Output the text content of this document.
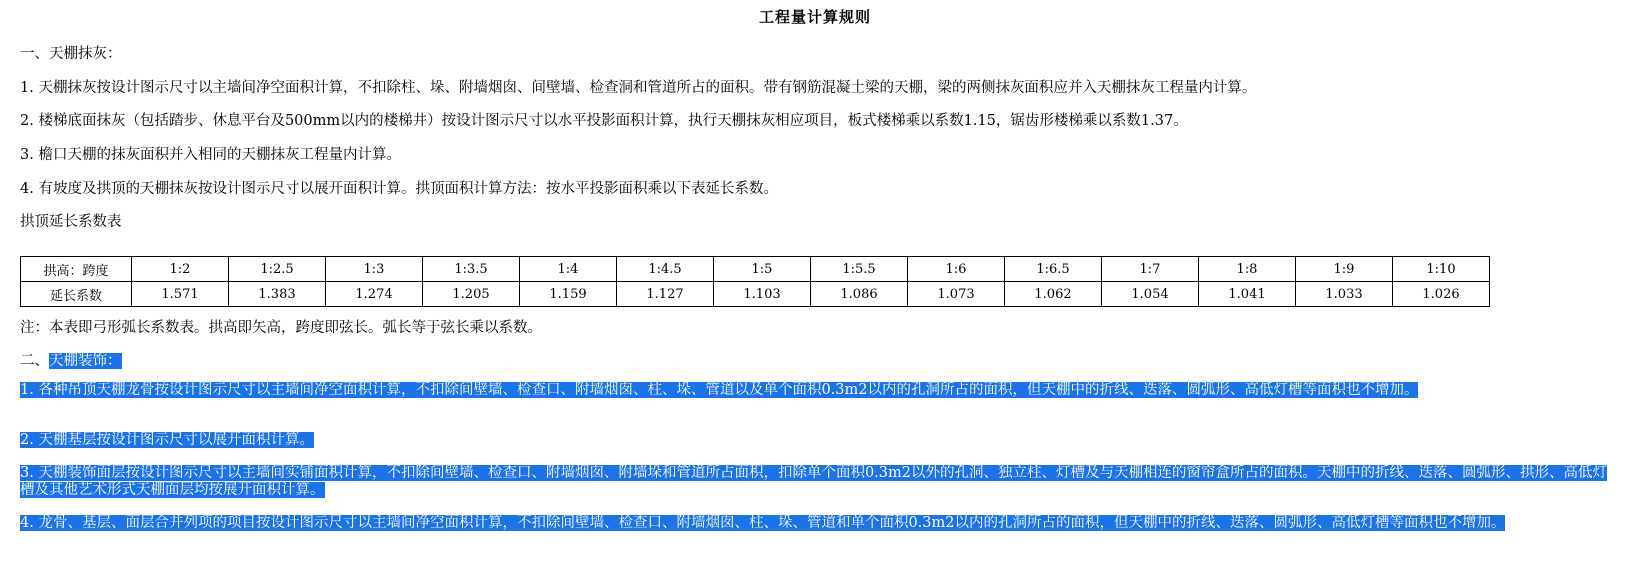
工程量计算规则
一、天棚抹灰：
1. 天棚抹灰按设计图示尺寸以主墙间净空面积计算，不扣除柱、垛、附墙烟囱、间壁墙、检查洞和管道所占的面积。带有钢筋混凝土梁的天棚，梁的两侧抹灰面积应并入天棚抹灰工程量内计算。
2. 楼梯底面抹灰（包括踏步、休息平台及500mm以内的楼梯井）按设计图示尺寸以水平投影面积计算，执行天棚抹灰相应项目，板式楼梯乘以系数1.15，锯齿形楼梯乘以系数1.37。
3. 檐口天棚的抹灰面积并入相同的天棚抹灰工程量内计算。
4. 有坡度及拱顶的天棚抹灰按设计图示尺寸以展开面积计算。拱顶面积计算方法：按水平投影面积乘以下表延长系数。
拱顶延长系数表
拱高：跨度	1:2	1:2.5	1:3	1:3.5	1:4	1:4.5	1:5	1:5.5	1:6	1:6.5	1:7	1:8	1:9	1:10
延长系数	1.571	1.383	1.274	1.205	1.159	1.127	1.103	1.086	1.073	1.062	1.054	1.041	1.033	1.026
注：本表即弓形弧长系数表。拱高即矢高，跨度即弦长。弧长等于弦长乘以系数。
二、天棚装饰：
1. 各种吊顶天棚龙骨按设计图示尺寸以主墙间净空面积计算，不扣除间壁墙、检查口、附墙烟囱、柱、垛、管道以及单个面积0.3m2以内的孔洞所占的面积，但天棚中的折线、迭落、圆弧形、高低灯槽等面积也不增加。
2. 天棚基层按设计图示尺寸以展开面积计算。
3. 天棚装饰面层按设计图示尺寸以主墙间实铺面积计算，不扣除间壁墙、检查口、附墙烟囱、附墙垛和管道所占面积，扣除单个面积0.3m2以外的孔洞、独立柱、灯槽及与天棚相连的窗帘盒所占的面积。天棚中的折线、迭落、圆弧形、拱形、高低灯槽及其他艺术形式天棚面层均按展开面积计算。
4. 龙骨、基层、面层合并列项的项目按设计图示尺寸以主墙间净空面积计算，不扣除间壁墙、检查口、附墙烟囱、柱、垛、管道和单个面积0.3m2以内的孔洞所占的面积，但天棚中的折线、迭落、圆弧形、高低灯槽等面积也不增加。
